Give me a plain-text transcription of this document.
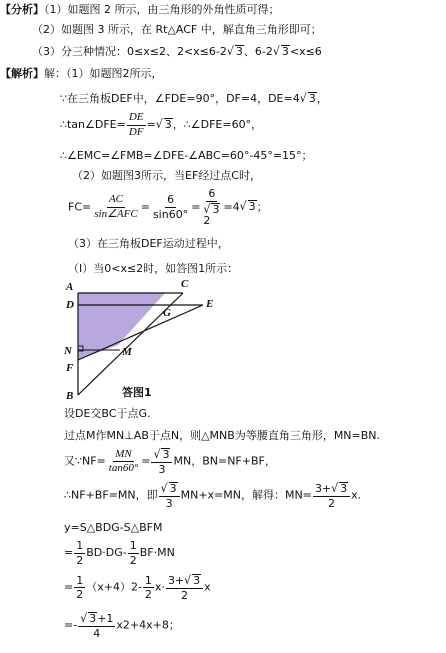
【分析】（1）如题图 2 所示，由三角形的外角性质可得；
（2）如题图 3 所示，在 Rt△ACF 中，解直角三角形即可；
（3）分三种情况：0≤x≤2、2<x≤6-2√ 3、6-2√ 3<x≤6
【解析】解：（1）如题图2所示，
∵在三角板DEF中，∠FDE=90°，DF=4，DE=4√ 3，
∴tan∠DFE= $\frac{DE}{DF}$ =√ 3，∴∠DFE=60°，
∴∠EMC=∠FMB=∠DFE-∠ABC=60°-45°=15°；
（2）如题图3所示，当EF经过点C时，
$FC= \frac{AC}{\text{sin∠AFC}} = \frac{6}{\sin 60^\circ}$ =
6
√ 3
2
=4√ 3；
（3）在三角板DEF运动过程中，
（I）当0<x≤2时，如答图1所示：
A	C
D	E
G
N	M
F
B	答图1
设DE交BC于点G.
过点M作MN⊥AB于点N，则△MNB为等腰直角三角形，MN=BN.
又∵NF= $\frac{MN}{\tan 60^\circ} = \frac{√ 3}{3}$ MN，BN=NF+BF，
∴NF+BF=MN，即 $\frac{√ 3}{3} MN+x=MN$，解得：$MN= \frac{3+√ 3}{2} x$.
y=S△BDG-S△BFM
= $\frac{1}{2} BD\cdot DG- \frac{1}{2} BF\cdot MN$
= $\frac{1}{2} (x+4)2- \frac{1}{2} x\cdot \frac{3+√ 3}{2}$ x
=- $\frac{√ 3+1}{4} x2+4x+8$；
